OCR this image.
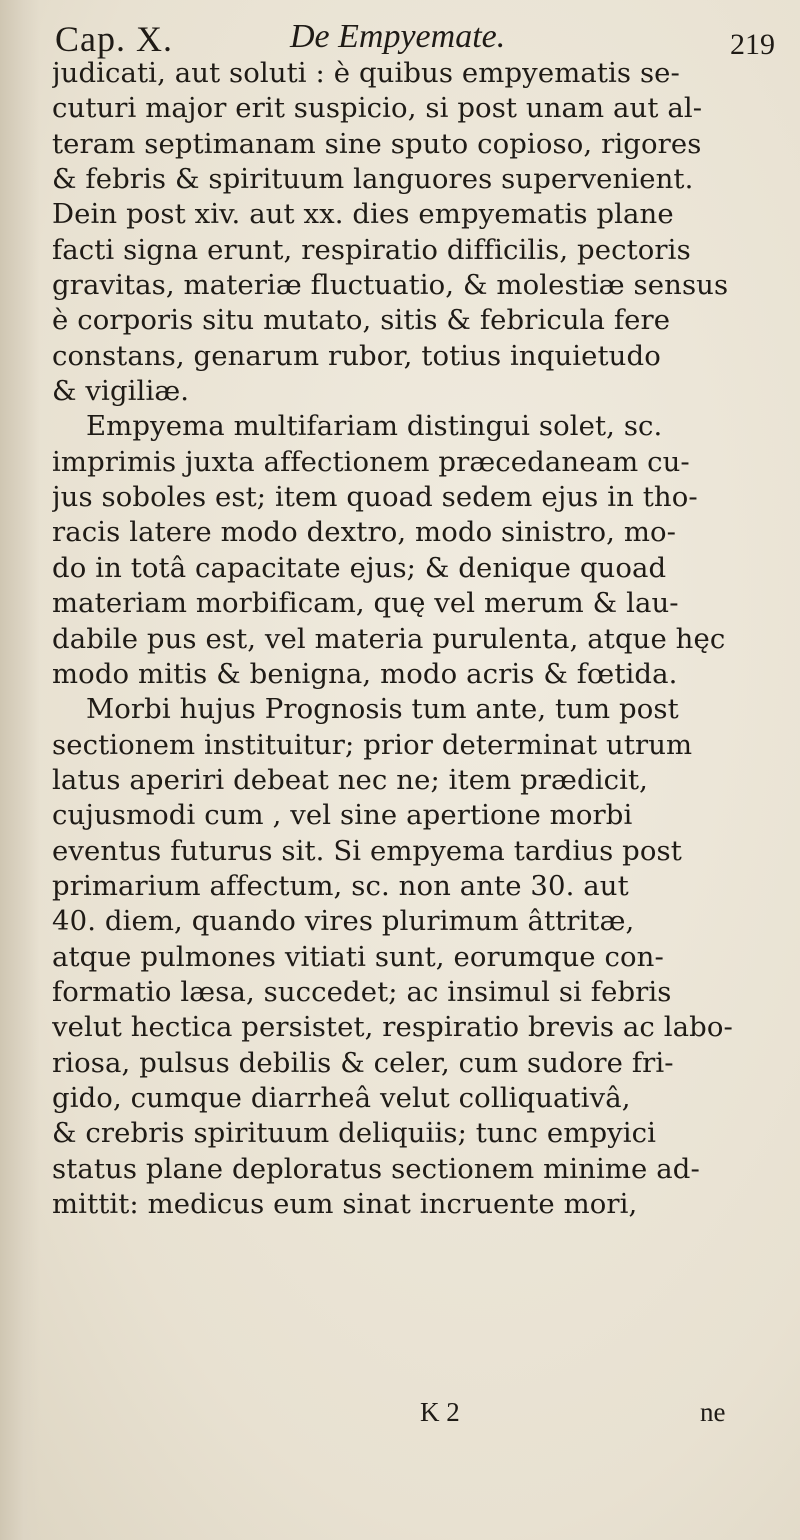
Cap. X.	De Empyemate.	219
judicati, aut soluti : è quibus empyematis se-
cuturi major erit suspicio, si post unam aut al-
teram septimanam sine sputo copioso, rigores
& febris & spirituum languores supervenient.
Dein post xiv. aut xx. dies empyematis plane
facti signa erunt, respiratio difficilis, pectoris
gravitas, materiæ fluctuatio, & molestiæ sensus
è corporis situ mutato, sitis & febricula fere
constans, genarum rubor, totius inquietudo
& vigiliæ.
Empyema multifariam distingui solet, sc.
imprimis juxta affectionem præcedaneam cu-
jus soboles est; item quoad sedem ejus in tho-
racis latere modo dextro, modo sinistro, mo-
do in totâ capacitate ejus; & denique quoad
materiam morbificam, quę vel merum & lau-
dabile pus est, vel materia purulenta, atque hęc
modo mitis & benigna, modo acris & fœtida.
Morbi hujus Prognosis tum ante, tum post
sectionem instituitur; prior determinat utrum
latus aperiri debeat nec ne; item prædicit,
cujusmodi cum , vel sine apertione morbi
eventus futurus sit. Si empyema tardius post
primarium affectum, sc. non ante 30. aut
40. diem, quando vires plurimum âttritæ,
atque pulmones vitiati sunt, eorumque con-
formatio læsa, succedet; ac insimul si febris
velut hectica persistet, respiratio brevis ac labo-
riosa, pulsus debilis & celer, cum sudore fri-
gido, cumque diarrheâ velut colliquativâ,
& crebris spirituum deliquiis; tunc empyici
status plane deploratus sectionem minime ad-
mittit: medicus eum sinat incruente mori,
K 2	ne
